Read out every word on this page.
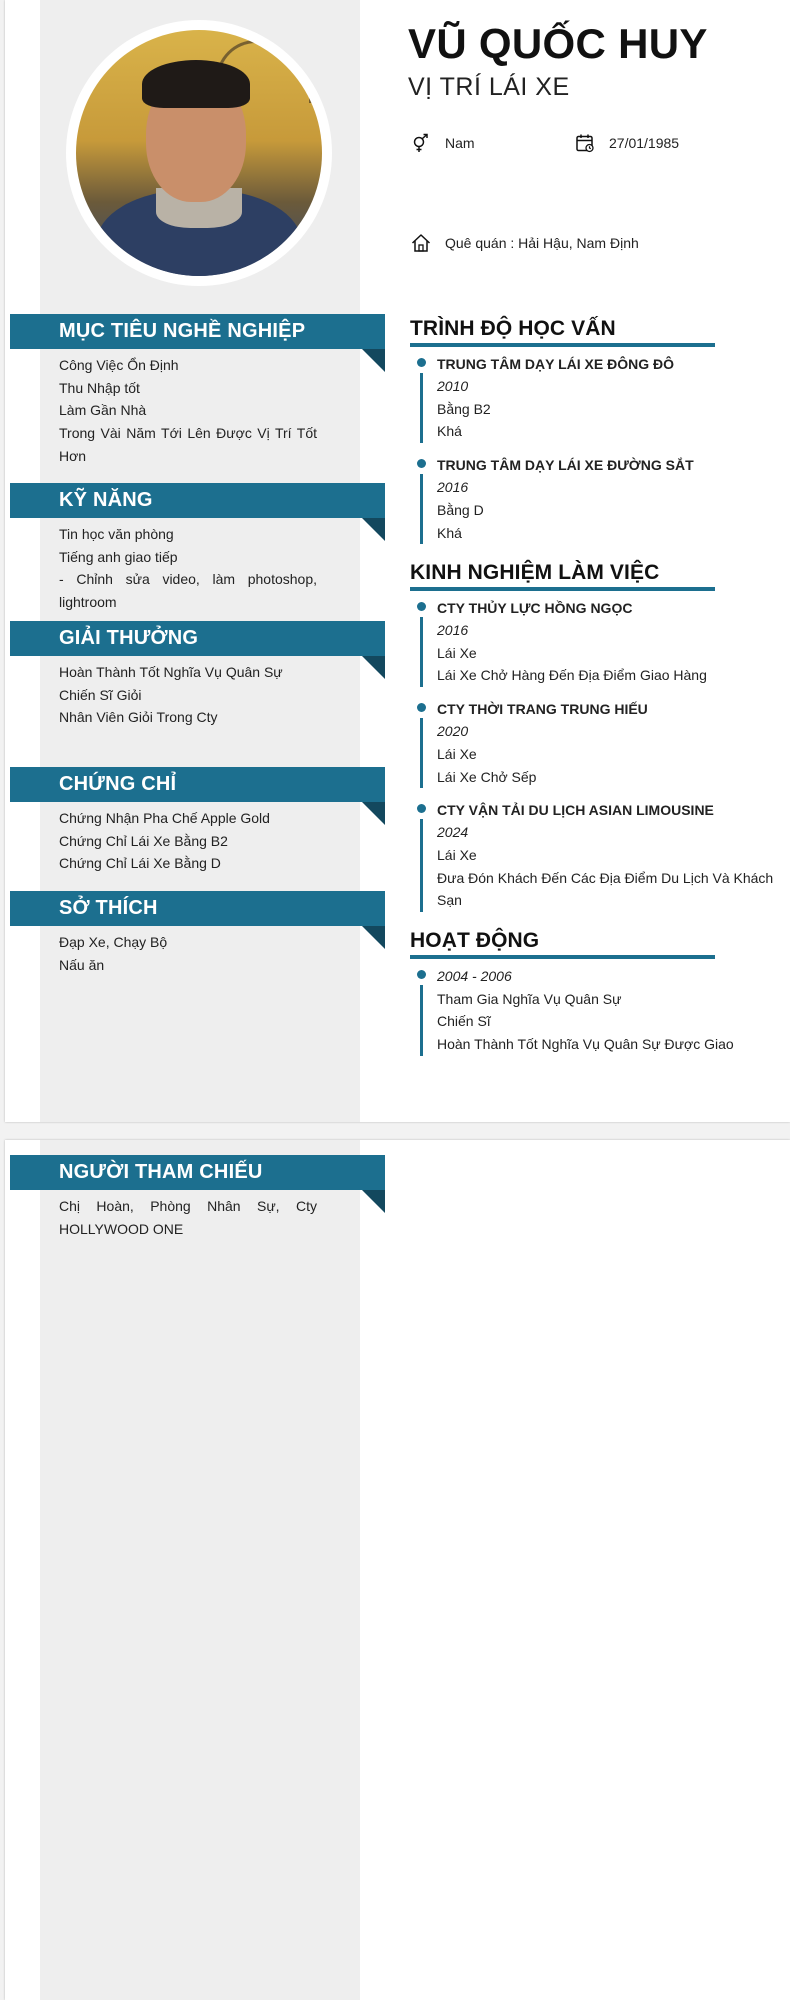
VŨ QUỐC HUY
VỊ TRÍ LÁI XE
Nam	27/01/1985
Quê quán : Hải Hậu, Nam Định
MỤC TIÊU NGHỀ NGHIỆP
Công Việc Ổn Định
Thu Nhập tốt
Làm Gần Nhà
Trong Vài Năm Tới Lên Được Vị Trí Tốt Hơn
KỸ NĂNG
Tin học văn phòng
Tiếng anh giao tiếp
- Chỉnh sửa video, làm photoshop, lightroom
GIẢI THƯỞNG
Hoàn Thành Tốt Nghĩa Vụ Quân Sự
Chiến Sĩ Giỏi
Nhân Viên Giỏi Trong Cty
CHỨNG CHỈ
Chứng Nhận Pha Chế Apple Gold
Chứng Chỉ Lái Xe Bằng B2
Chứng Chỉ Lái Xe Bằng D
SỞ THÍCH
Đạp Xe, Chạy Bộ
Nấu ăn
TRÌNH ĐỘ HỌC VẤN
TRUNG TÂM DẠY LÁI XE ĐÔNG ĐÔ
2010
Bằng B2
Khá
TRUNG TÂM DẠY LÁI XE ĐƯỜNG SẮT
2016
Bằng D
Khá
KINH NGHIỆM LÀM VIỆC
CTY THỦY LỰC HỒNG NGỌC
2016
Lái Xe
Lái Xe Chở Hàng Đến Địa Điểm Giao Hàng
CTY THỜI TRANG TRUNG HIẾU
2020
Lái Xe
Lái Xe Chở Sếp
CTY VẬN TẢI DU LỊCH ASIAN LIMOUSINE
2024
Lái Xe
Đưa Đón Khách Đến Các Địa Điểm Du Lịch Và Khách Sạn
HOẠT ĐỘNG
2004 - 2006
Tham Gia Nghĩa Vụ Quân Sự
Chiến Sĩ
Hoàn Thành Tốt Nghĩa Vụ Quân Sự Được Giao
NGƯỜI THAM CHIẾU
Chị Hoàn, Phòng Nhân Sự, Cty HOLLYWOOD ONE
